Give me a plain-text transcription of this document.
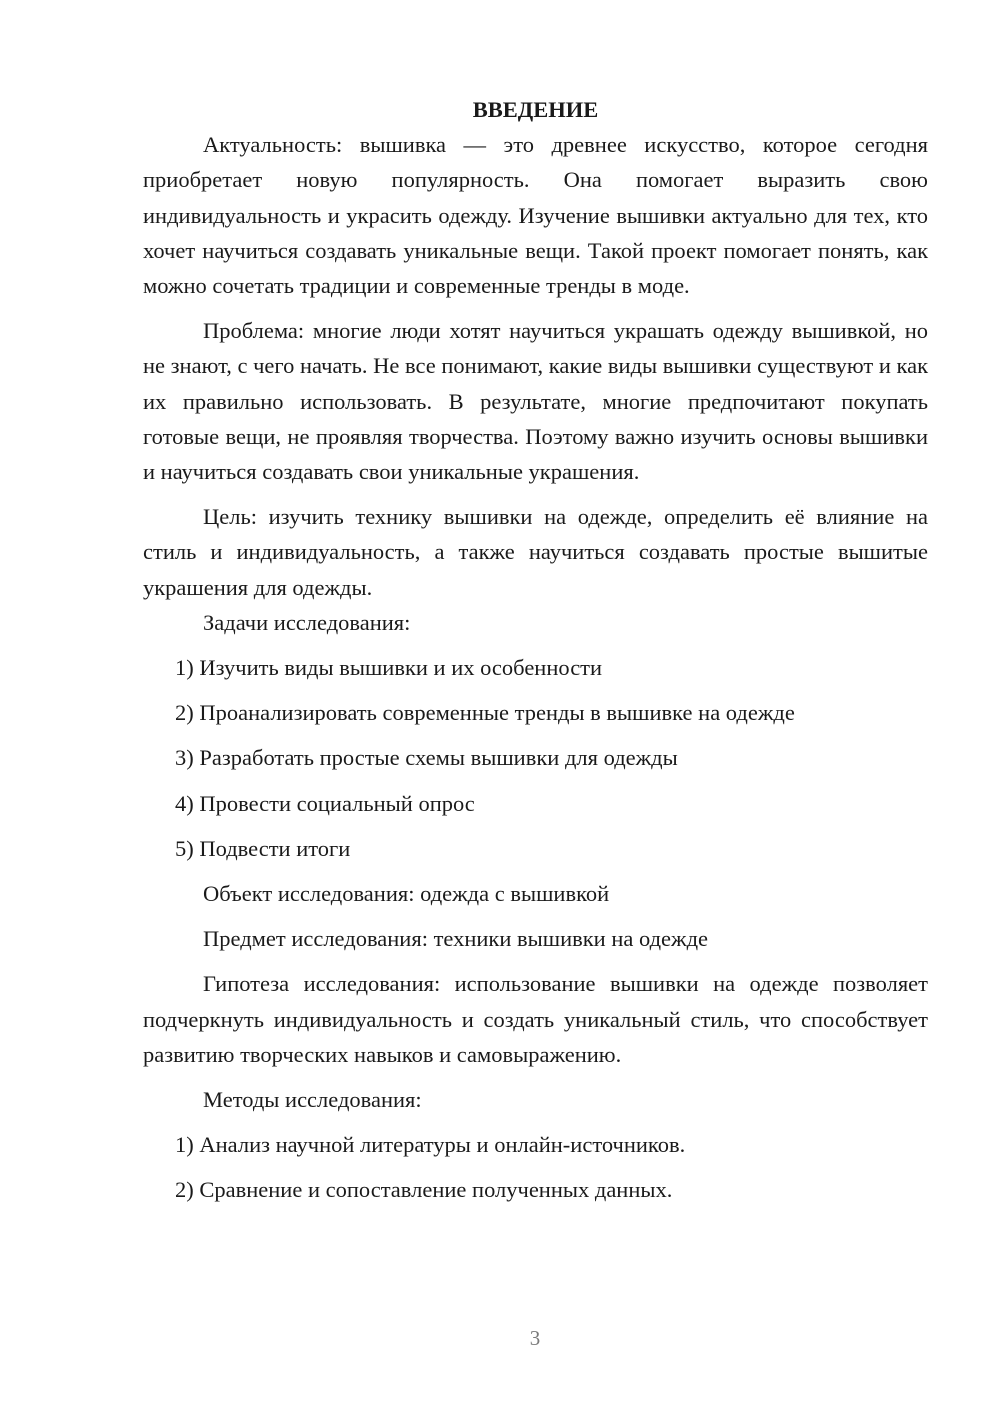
ВВЕДЕНИЕ

Актуальность: вышивка — это древнее искусство, которое сегодня приобретает новую популярность. Она помогает выразить свою индивидуальность и украсить одежду. Изучение вышивки актуально для тех, кто хочет научиться создавать уникальные вещи. Такой проект помогает понять, как можно сочетать традиции и современные тренды в моде.

Проблема: многие люди хотят научиться украшать одежду вышивкой, но не знают, с чего начать. Не все понимают, какие виды вышивки существуют и как их правильно использовать. В результате, многие предпочитают покупать готовые вещи, не проявляя творчества. Поэтому важно изучить основы вышивки и научиться создавать свои уникальные украшения.

Цель: изучить технику вышивки на одежде, определить её влияние на стиль и индивидуальность, а также научиться создавать простые вышитые украшения для одежды.

Задачи исследования:

1) Изучить виды вышивки и их особенности

2) Проанализировать современные тренды в вышивке на одежде

3) Разработать простые схемы вышивки для одежды

4) Провести социальный опрос

5) Подвести итоги

Объект исследования: одежда с вышивкой

Предмет исследования: техники вышивки на одежде

Гипотеза исследования: использование вышивки на одежде позволяет подчеркнуть индивидуальность и создать уникальный стиль, что способствует развитию творческих навыков и самовыражению.

Методы исследования:

1) Анализ научной литературы и онлайн-источников.

2) Сравнение и сопоставление полученных данных.

3
